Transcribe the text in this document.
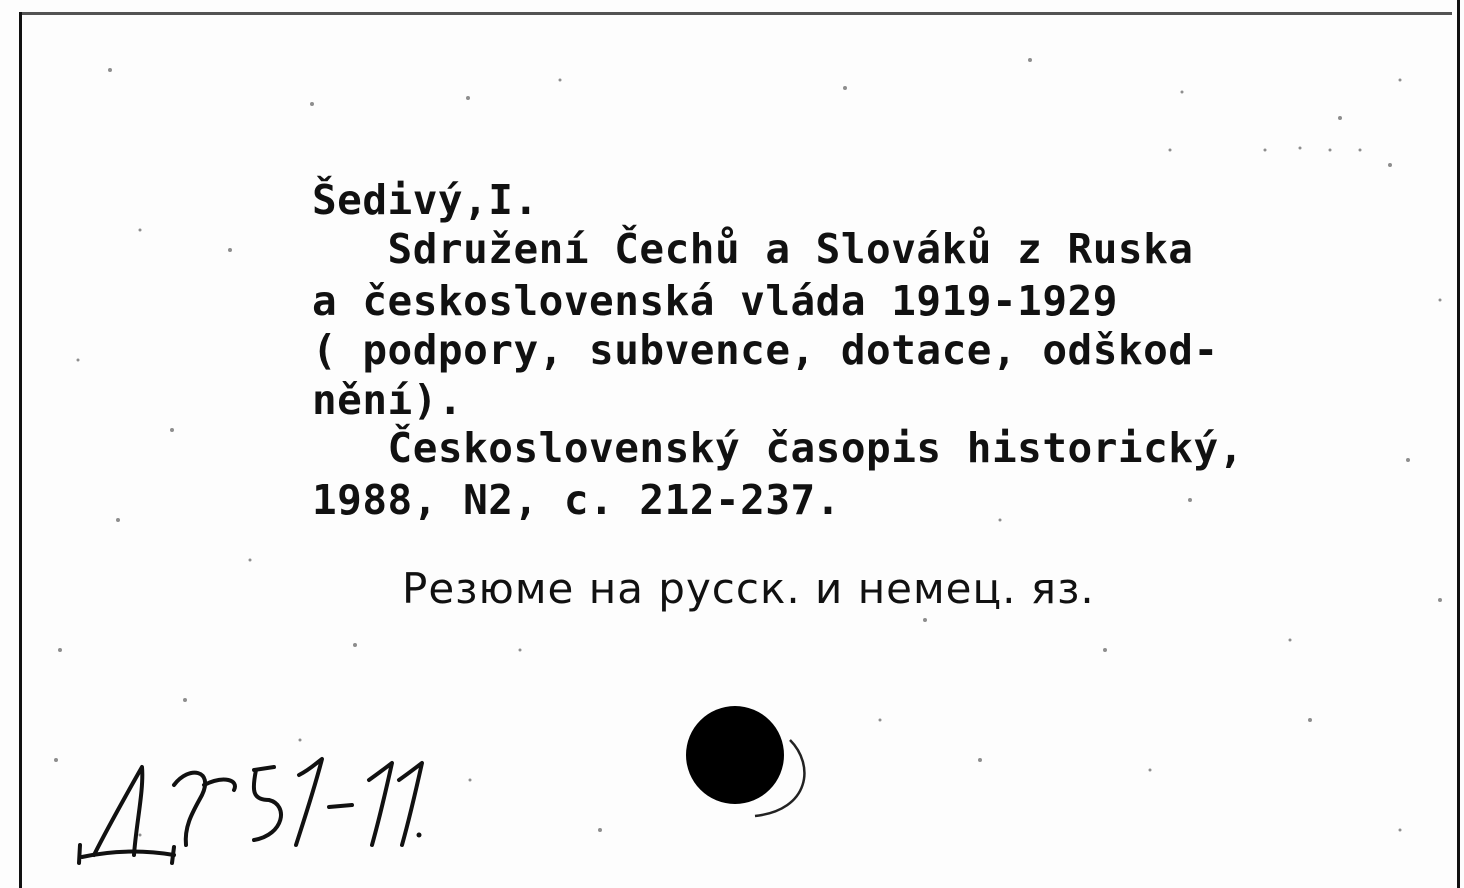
Šedivý,I.
Sdružení Čechů a Slováků z Ruska
a československá vláda 1919-1929
( podpory, subvence, dotace, odškod-
nění).
Československý časopis historický,
1988, N2, c. 212-237.
Резюме на русск. и немец. яз.
